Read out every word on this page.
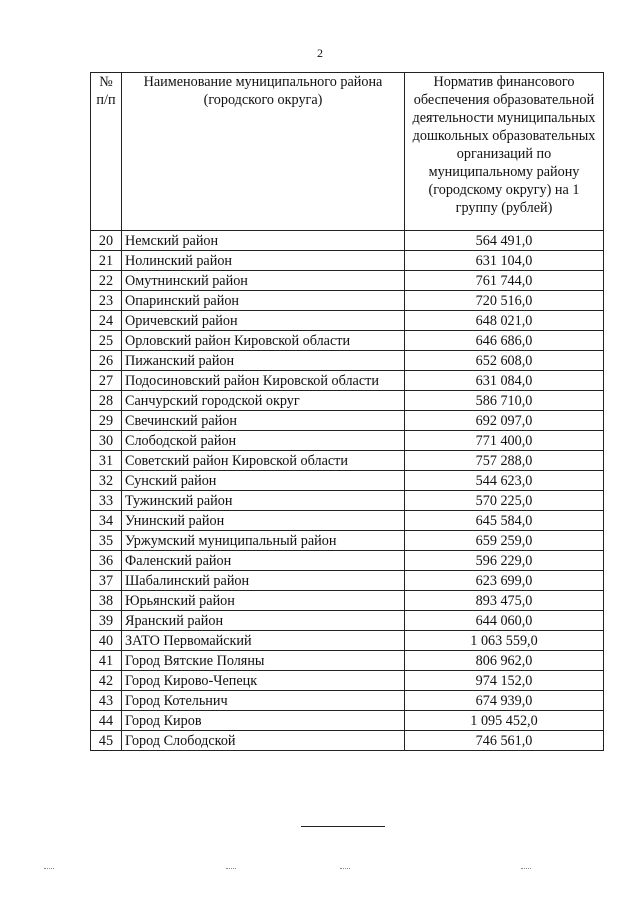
2
№ п/п	Наименование муниципального района (городского округа)	Норматив финансового обеспечения образовательной деятельности муниципальных дошкольных образовательных организаций по муниципальному району (городскому округу) на 1 группу (рублей)
20	Немский район	564 491,0
21	Нолинский район	631 104,0
22	Омутнинский район	761 744,0
23	Опаринский район	720 516,0
24	Оричевский район	648 021,0
25	Орловский район Кировской области	646 686,0
26	Пижанский район	652 608,0
27	Подосиновский район Кировской области	631 084,0
28	Санчурский городской округ	586 710,0
29	Свечинский район	692 097,0
30	Слободской район	771 400,0
31	Советский район Кировской области	757 288,0
32	Сунский район	544 623,0
33	Тужинский район	570 225,0
34	Унинский район	645 584,0
35	Уржумский муниципальный район	659 259,0
36	Фаленский район	596 229,0
37	Шабалинский район	623 699,0
38	Юрьянский район	893 475,0
39	Яранский район	644 060,0
40	ЗАТО Первомайский	1 063 559,0
41	Город Вятские Поляны	806 962,0
42	Город Кирово-Чепецк	974 152,0
43	Город Котельнич	674 939,0
44	Город Киров	1 095 452,0
45	Город Слободской	746 561,0
